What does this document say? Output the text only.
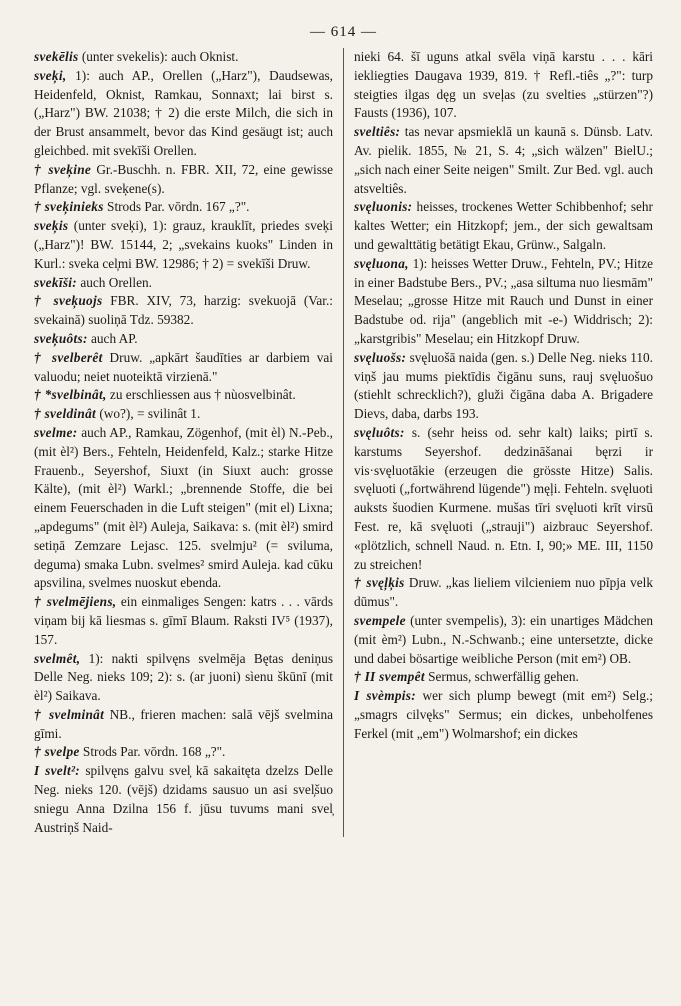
— 614 —

svekēlis (unter svekelis): auch Oknist.

sveķi, 1): auch AP., Orellen („Harz"), Daudsewas, Heidenfeld, Oknist, Ramkau, Sonnaxt; lai birst s. („Harz") BW. 21038; † 2) die erste Milch, die sich in der Brust ansammelt, bevor das Kind gesäugt ist; auch gleichbed. mit svekīši Orellen.

† sveķine Gr.-Buschh. n. FBR. XII, 72, eine gewisse Pflanze; vgl. sveķene(s).

† sveķinieks Strods Par. vōrdn. 167 „?".

sveķis (unter sveķi), 1): grauz, krauklīt, priedes sveķi („Harz")! BW. 15144, 2; „svekains kuoks" Linden in Kurl.: sveka cel̦mi BW. 12986; † 2) = svekīši Druw.

svekīši: auch Orellen.

† sveķuojs FBR. XIV, 73, harzig: svekuojā (Var.: svekainā) suoliņā Tdz. 59382.

sveķuôts: auch AP.

† svelberêt Druw. „apkārt šaudīties ar darbiem vai valuodu; neiet nuoteiktā virzienā."

† *svelbinât, zu erschliessen aus † nùosvelbinât.

† sveldinât (wo?), = svilinât 1.

svelme: auch AP., Ramkau, Zögenhof, (mit èl) N.-Peb., (mit èl²) Bers., Fehteln, Heidenfeld, Kalz.; starke Hitze Frauenb., Seyershof, Siuxt (in Siuxt auch: grosse Kälte), (mit èl²) Warkl.; „brennende Stoffe, die bei einem Feuerschaden in die Luft steigen" (mit el) Lixna; „apdegums" (mit èl²) Auleja, Saikava: s. (mit èl²) smird setiņā Zemzare Lejasc. 125. svelmju² (= svilumа, degumа) smaka Lubn. svelmes² smird Auleja. kad cūku apsvilina, svelmes nuoskut ebenda.

† svelmējiens, ein einmaliges Sengen: katrs . . . vārds viņam bij kā liesmas s. gīmī Blaum. Raksti IV⁵ (1937), 157.

svelmêt, 1): nakti spilvęns svelmēja Bętas deniņus Delle Neg. nieks 109; 2): s. (ar juoni) sìenu škūnī (mit èl²) Saikava.

† svelminât NB., frieren machen: salā vējš svelmina gīmi.

† svelpe Strods Par. vōrdn. 168 „?".

I svelt²: spilvęns galvu svel̦ kā sakaitęta dzelzs Delle Neg. nieks 120. (vējš) dzidams sausuo un asi svel̦šuo sniegu Anna Dzilna 156 f. jūsu tuvums mani svel̦ Austriņš Naid-

nieki 64. šī uguns atkal svēla viņā karstu . . . kāri iekliegties Daugava 1939, 819. † Refl.-tiês „?": turp steigties ilgas dęg un sveļas (zu svelties „stürzen"?) Fausts (1936), 107.

sveltiês: tas nevar apsmieklā un kaunā s. Dünsb. Latv. Av. pielik. 1855, № 21, S. 4; „sich wälzen" BielU.; „sich nach einer Seite neigen" Smilt. Zur Bed. vgl. auch atsveltiês.

svęluonis: heisses, trockenes Wetter Schibbenhof; sehr kaltes Wetter; ein Hitzkopf; jem., der sich gewaltsam und gewalttätig betätigt Ekau, Grünw., Salgaln.

svęluona, 1): heisses Wetter Druw., Fehteln, PV.; Hitze in einer Badstube Bers., PV.; „asa siltuma nuo liesmām" Meselau; „grosse Hitze mit Rauch und Dunst in einer Badstube od. rija" (angeblich mit -e-) Widdrisch; 2): „karstgribis" Meselau; ein Hitzkopf Druw.

svęluošs: svęluošā naida (gen. s.) Delle Neg. nieks 110. viņš jau mums piektīdis čigānu suns, rauj svęluošuo (stiehlt schrecklich?), gluži čigāna daba A. Brigadere Dievs, daba, darbs 193.

svęluôts: s. (sehr heiss od. sehr kalt) laiks; pirtī s. karstums Seyershof. dedzināšanai bęrzi ir vis·svęluotākie (erzeugen die grösste Hitze) Salis. svęluoti („fortwährend lügende") męļi. Fehteln. svęluoti auksts šuodien Kurmene. mušas tīri svęluoti krīt virsū Fest. re, kā svęluoti („strauji") aizbrauc Seyershof. «plötzlich, schnell Naud. n. Etn. I, 90;» ME. III, 1150 zu streichen!

† svęļķis Druw. „kas lieliem vilcieniem nuo pīpja velk dūmus".

svempele (unter svempelis), 3): ein unartiges Mädchen (mit èm²) Lubn., N.-Schwanb.; eine untersetzte, dicke und dabei bösartige weibliche Person (mit em²) OB.

† II svempêt Sermus, schwerfällig gehen.

I svèmpis: wer sich plump bewegt (mit em²) Selg.; „smagrs cilvęks" Sermus; ein dickes, unbeholfenes Ferkel (mit „em") Wolmarshof; ein dickes
